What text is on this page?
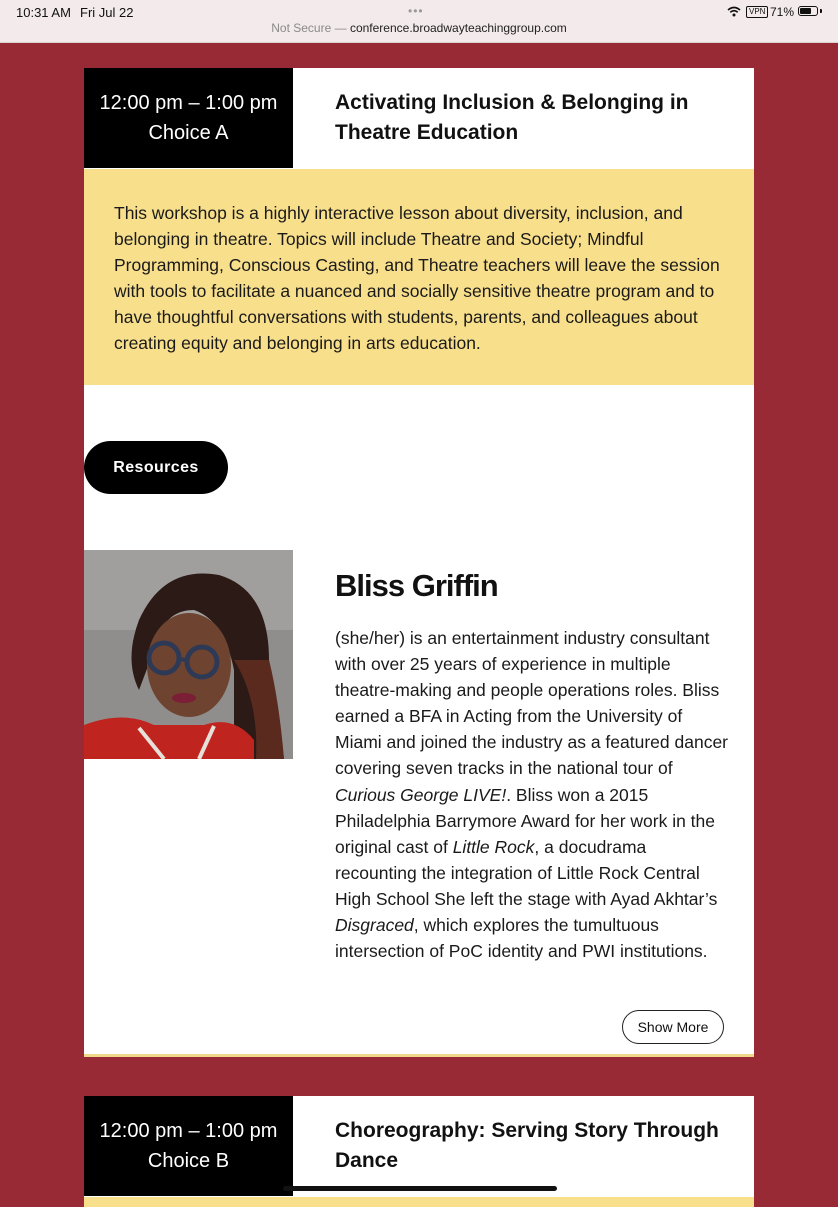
10:31 AM Fri Jul 22	•••
Not Secure — conference.broadwayteachinggroup.com
VPN 71%
12:00 pm – 1:00 pm
Choice A
Activating Inclusion & Belonging in Theatre Education
This workshop is a highly interactive lesson about diversity, inclusion, and belonging in theatre. Topics will include Theatre and Society; Mindful Programming, Conscious Casting, and Theatre teachers will leave the session with tools to facilitate a nuanced and socially sensitive theatre program and to have thoughtful conversations with students, parents, and colleagues about creating equity and belonging in arts education.
Resources
Bliss Griffin
(she/her) is an entertainment industry consultant with over 25 years of experience in multiple theatre-making and people operations roles. Bliss earned a BFA in Acting from the University of Miami and joined the industry as a featured dancer covering seven tracks in the national tour of Curious George LIVE!. Bliss won a 2015 Philadelphia Barrymore Award for her work in the original cast of Little Rock, a docudrama recounting the integration of Little Rock Central High School She left the stage with Ayad Akhtar’s Disgraced, which explores the tumultuous intersection of PoC identity and PWI institutions.
Show More
12:00 pm – 1:00 pm
Choice B
Choreography: Serving Story Through Dance
